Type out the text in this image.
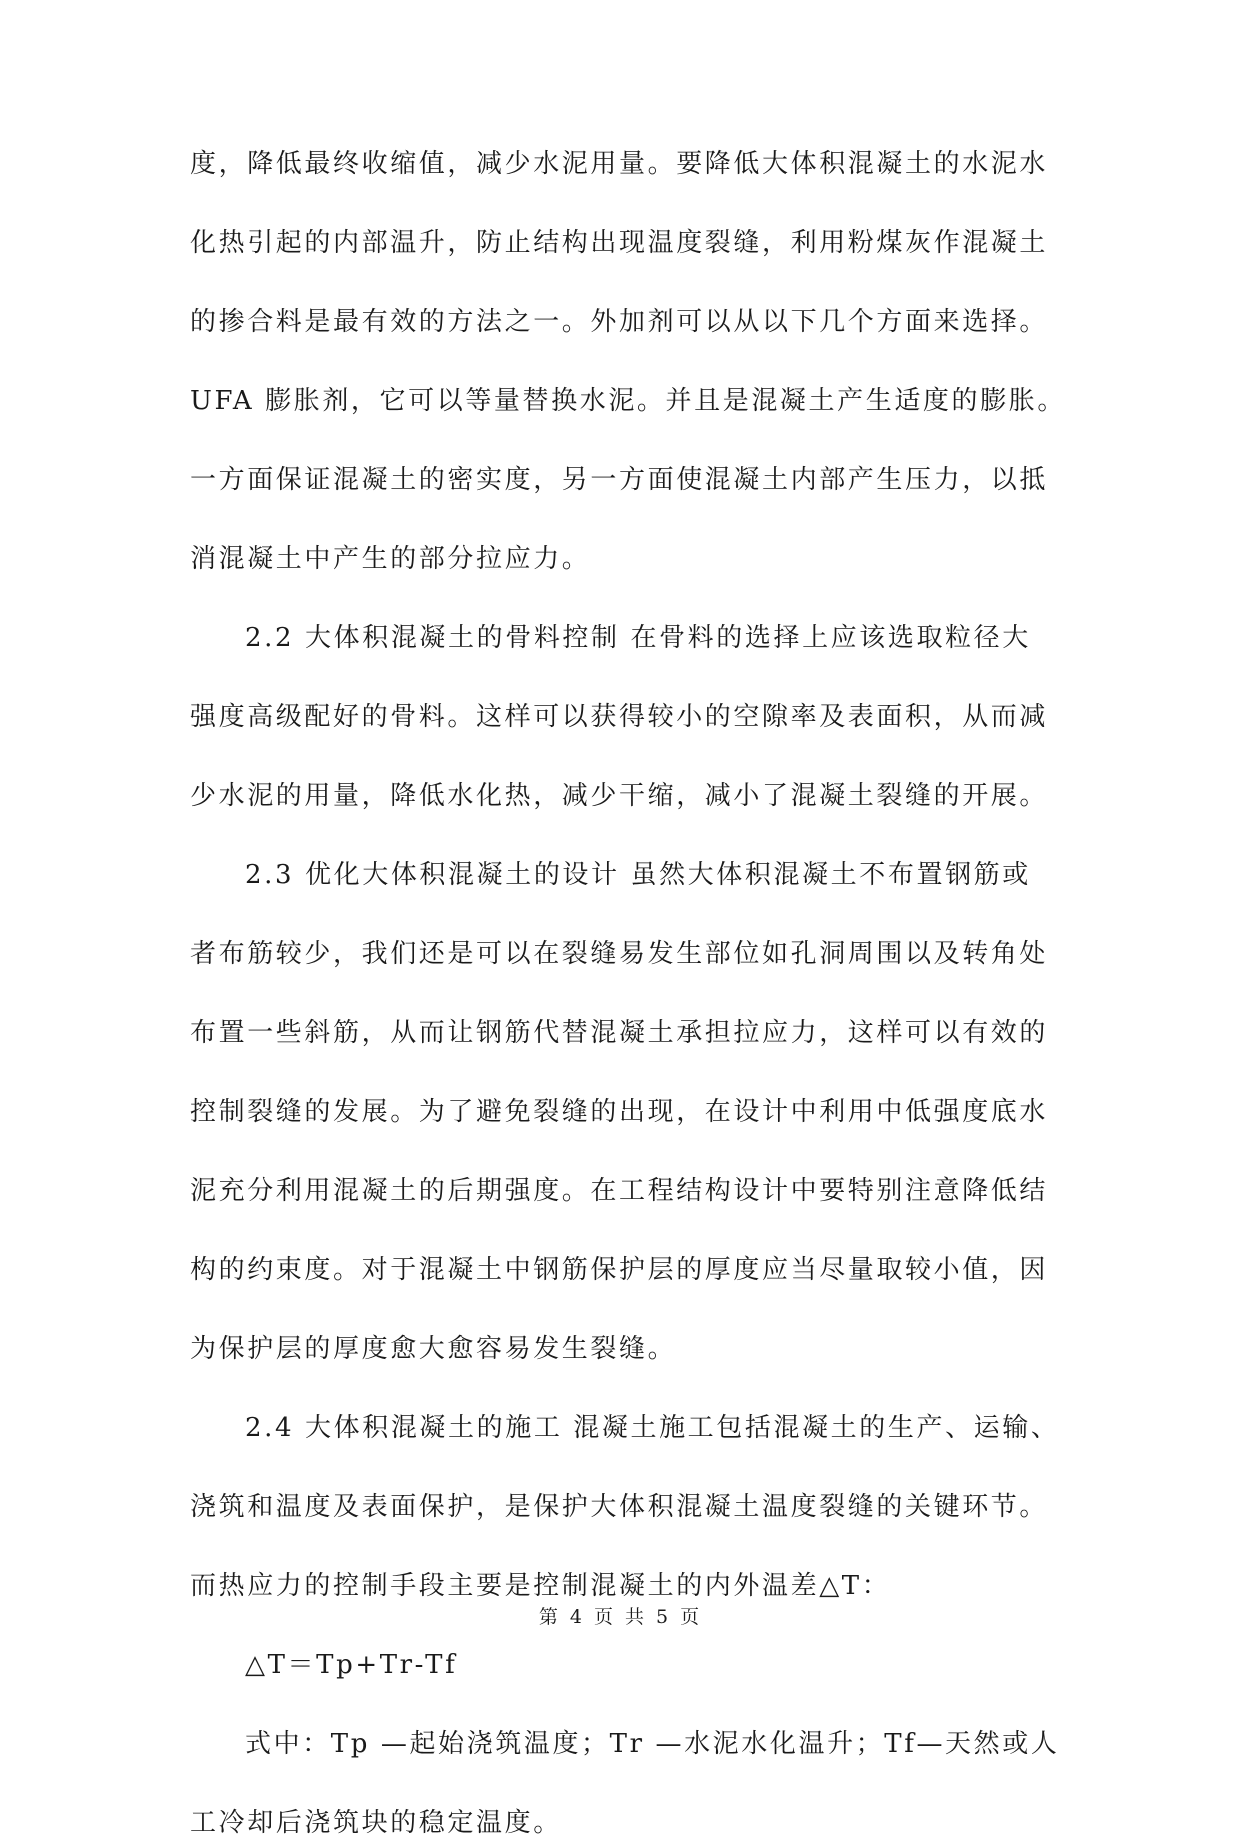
度，降低最终收缩值，减少水泥用量。要降低大体积混凝土的水泥水
化热引起的内部温升，防止结构出现温度裂缝，利用粉煤灰作混凝土
的掺合料是最有效的方法之一。外加剂可以从以下几个方面来选择。
UFA 膨胀剂，它可以等量替换水泥。并且是混凝土产生适度的膨胀。
一方面保证混凝土的密实度，另一方面使混凝土内部产生压力，以抵
消混凝土中产生的部分拉应力。
2.2 大体积混凝土的骨料控制 在骨料的选择上应该选取粒径大
强度高级配好的骨料。这样可以获得较小的空隙率及表面积，从而减
少水泥的用量，降低水化热，减少干缩，减小了混凝土裂缝的开展。
2.3 优化大体积混凝土的设计 虽然大体积混凝土不布置钢筋或
者布筋较少，我们还是可以在裂缝易发生部位如孔洞周围以及转角处
布置一些斜筋，从而让钢筋代替混凝土承担拉应力，这样可以有效的
控制裂缝的发展。为了避免裂缝的出现，在设计中利用中低强度底水
泥充分利用混凝土的后期强度。在工程结构设计中要特别注意降低结
构的约束度。对于混凝土中钢筋保护层的厚度应当尽量取较小值，因
为保护层的厚度愈大愈容易发生裂缝。
2.4 大体积混凝土的施工 混凝土施工包括混凝土的生产、运输、
浇筑和温度及表面保护，是保护大体积混凝土温度裂缝的关键环节。
而热应力的控制手段主要是控制混凝土的内外温差△T：
△T＝Tp+Tr-Tf
式中：Tp —起始浇筑温度；Tr —水泥水化温升；Tf—天然或人
工冷却后浇筑块的稳定温度。
第 4 页 共 5 页
